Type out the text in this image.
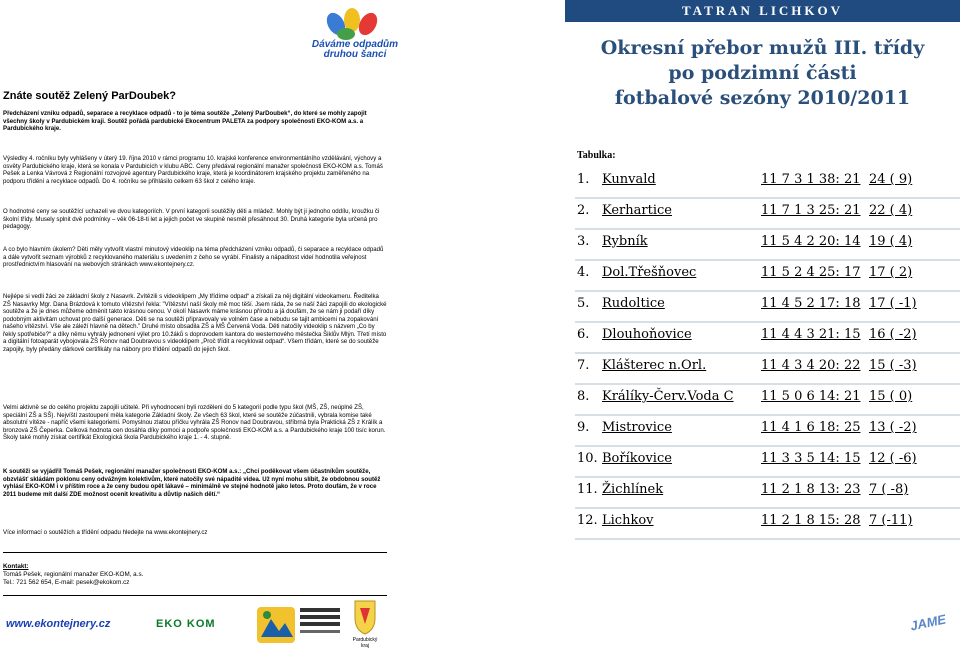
Dáváme odpadům druhou šanci
Znáte soutěž Zelený ParDoubek?

Předcházení vzniku odpadů, separace a recyklace odpadů - to je téma soutěže „Zelený ParDoubek“, do které se mohly zapojit všechny školy v Pardubickém kraji. Soutěž pořádá pardubické Ekocentrum PALETA za podpory společnosti EKO-KOM a.s. a Pardubického kraje.

Výsledky 4. ročníku byly vyhlášeny v úterý 19. října 2010 v rámci programu 10. krajské konference environmentálního vzdělávání, výchovy a osvěty Pardubického kraje, která se konala v Pardubicích v klubu ABC. Ceny předával regionální manažer společnosti EKO-KOM a.s. Tomáš Pešek a Lenka Vávrová z Regionální rozvojové agentury Pardubického kraje, která je koordinátorem krajského projektu zaměřeného na podporu třídění a recyklace odpadů. Do 4. ročníku se přihlásilo celkem 63 škol z celého kraje.

O hodnotné ceny se soutěžící uchazeli ve dvou kategoriích. V první kategorii soutěžily děti a mládež. Mohly být ji jednoho oddílu, kroužku či školní třídy. Musely splnit dvě podmínky – věk 06-18-ti let a jejich počet ve skupině nesměl přesáhnout 30. Druhá kategorie byla určená pro pedagogy.

A co bylo hlavním úkolem? Děti měly vytvořit vlastní minutový videoklip na téma předcházení vzniku odpadů, či separace a recyklace odpadů a dále vytvořit seznam výrobků z recyklovaného materiálu s uvedením z čeho se vyrábí. Finalisty a nápaditost videí hodnotila veřejnost prostřednictvím hlasování na webových stránkách www.ekontejnery.cz.

Nejlépe si vedli žáci ze základní školy z Nasavrk. Zvítězili s videoklipem „My třídíme odpad“ a získali za něj digitální videokameru. Ředitelka ZŠ Nasavrky Mgr. Dana Brázdová k tomuto vítězství řekla: "Vítězství naší školy mě moc těší. Jsem ráda, že se naší žáci zapojili do ekologické soutěže a že je dnes můžeme odměnit takto krásnou cenou. V okolí Nasavrk máme krásnou přírodu a já doufám, že se nám ji podaří díky podobným aktivitám uchovat pro další generace. Děti se na soutěži připravovaly ve volném čase a nebudu se tajit ambicemi na zopakování našeho vítězství. Vše ale záleží hlavně na dětech." Druhé místo obsadila ZŠ a MŠ Červená Voda. Děti natočily videoklip s názvem „Co by řekly spotřebiče?“ a díky němu vyhrály jednonení výlet pro 10.žáků s doprovodem kantora do westernového městečka Šiklův Mlýn. Třetí místo a digitální fotoaparát vybojovala ZŠ Ronov nad Doubravou s videoklipem „Proč třídit a recyklovat odpad“. Všem třídám, které se do soutěže zapojily, byly předány dárkové certifikáty na nábory pro třídění odpadů do jejich škol.

Velmi aktivně se do celého projektu zapojili učitelé. Při vyhodnocení byli rozděleni do 5 kategorií podle typu škol (MŠ, ZŠ, neúplné ZŠ, speciální ZŠ a SŠ). Nejvíští zastoupení měla kategorie Základní školy. Ze všech 63 škol, které se soutěže zúčastnili, vybrala komise také absolutní vítěze - napříč všemi kategoriemi. Pomyslnou zlatou příčku vyhrála ZŠ Ronov nad Doubravou, stříbrná byla Praktická ZŠ z Králík a bronzová ZŠ Čeperka. Celková hodnota cen dosáhla díky pomoci a podpoře společnosti EKO-KOM a.s. a Pardubického kraje 100 tisíc korun. Školy také mohly získat certifikát Ekologická škola Pardubického kraje 1. - 4. stupně.

K soutěži se vyjádřil Tomáš Pešek, regionální manažer společnosti EKO-KOM a.s.: „Chci poděkovat všem účastníkům soutěže, obzvlášť skládám poklonu ceny odvážným kolektivům, které natočily své nápadité videa. Už nyní mohu slíbit, že obdobnou soutěž vyhlásí EKO-KOM i v příštím roce a že ceny budou opět lákavé – minimálně ve stejné hodnotě jako letos. Proto doufám, že v roce 2011 budeme mít další ZDE možnost ocenit kreativitu a důvtip našich dětí.“

Více informací o soutěžích a třídění odpadu hledejte na www.ekontejnery.cz

Kontakt:
Tomáš Pešek, regionální manažer EKO-KOM, a.s.
Tel.: 721 562 654, E-mail: pesek@ekokom.cz
www.ekontejnery.cz	EKO KOM
Pardubický kraj
TATRAN LICHKOV
Okresní přebor mužů III. třídy
po podzimní části
fotbalové sezóny 2010/2011
Tabulka:
1. Kunvald	11 7 3 1 38: 21 24 ( 9)
2. Kerhartice	11 7 1 3 25: 21 22 ( 4)
3. Rybník	11 5 4 2 20: 14 19 ( 4)
4. Dol.Třešňovec	11 5 2 4 25: 17 17 ( 2)
5. Rudoltice	11 4 5 2 17: 18 17 ( -1)
6. Dlouhoňovice	11 4 4 3 21: 15 16 ( -2)
7. Klášterec n.Orl.	11 4 3 4 20: 22 15 ( -3)
8. Králíky-Červ.Voda C 11 5 0 6 14: 21 15 ( 0)
9. Mistrovice	11 4 1 6 18: 25 13 ( -2)
10. Boříkovice	11 3 3 5 14: 15 12 ( -6)
11. Žichlínek	11 2 1 8 13: 23 7 ( -8)
12. Lichkov	11 2 1 8 15: 28 7 (-11)
JAME
